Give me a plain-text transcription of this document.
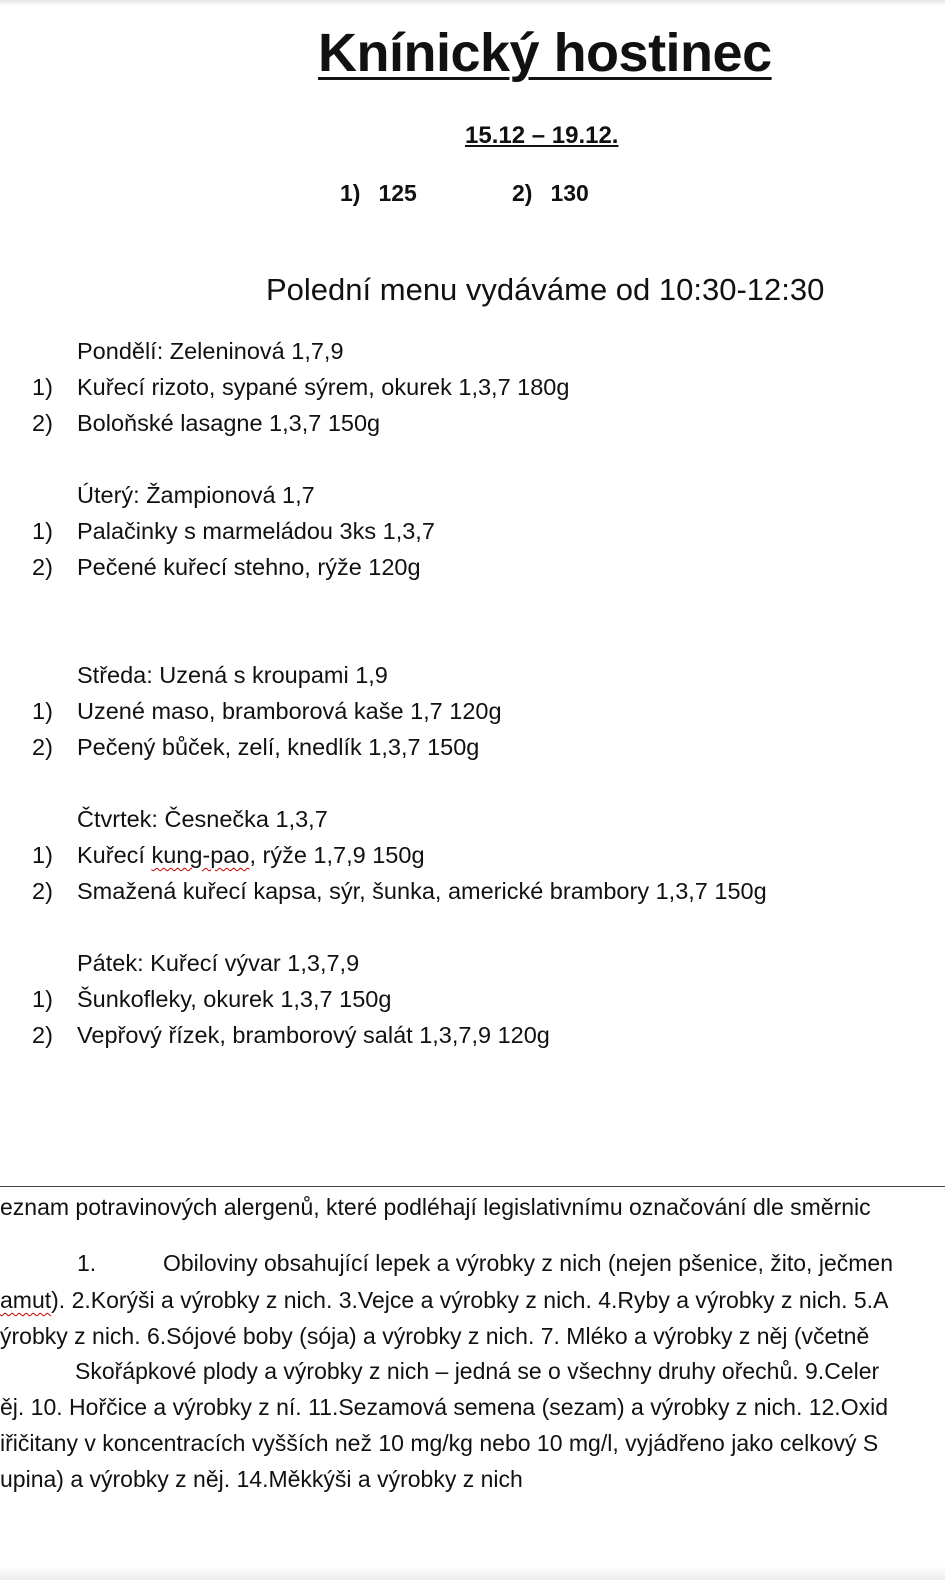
Knínický hostinec
15.12 – 19.12.
1) 125	2) 130
Polední menu vydáváme od 10:30-12:30
Pondělí: Zeleninová 1,7,9
1) Kuřecí rizoto, sypané sýrem, okurek 1,3,7 180g
2) Boloňské lasagne 1,3,7 150g
Úterý: Žampionová 1,7
1) Palačinky s marmeládou 3ks 1,3,7
2) Pečené kuřecí stehno, rýže 120g
Středa: Uzená s kroupami 1,9
1) Uzené maso, bramborová kaše 1,7 120g
2) Pečený bůček, zelí, knedlík 1,3,7 150g
Čtvrtek: Česnečka 1,3,7
1) Kuřecí kung-pao, rýže 1,7,9 150g
2) Smažená kuřecí kapsa, sýr, šunka, americké brambory 1,3,7 150g
Pátek: Kuřecí vývar 1,3,7,9
1) Šunkofleky, okurek 1,3,7 150g
2) Vepřový řízek, bramborový salát 1,3,7,9 120g
eznam potravinových alergenů, které podléhají legislativnímu označování dle směrnic
1.	Obiloviny obsahující lepek a výrobky z nich (nejen pšenice, žito, ječmen
amut). 2.Korýši a výrobky z nich. 3.Vejce a výrobky z nich. 4.Ryby a výrobky z nich. 5.A
ýrobky z nich. 6.Sójové boby (sója) a výrobky z nich. 7. Mléko a výrobky z něj (včetně
Skořápkové plody a výrobky z nich – jedná se o všechny druhy ořechů. 9.Celer
ěj. 10. Hořčice a výrobky z ní. 11.Sezamová semena (sezam) a výrobky z nich. 12.Oxid
iřičitany v koncentracích vyšších než 10 mg/kg nebo 10 mg/l, vyjádřeno jako celkový S
upina) a výrobky z něj. 14.Měkkýši a výrobky z nich
